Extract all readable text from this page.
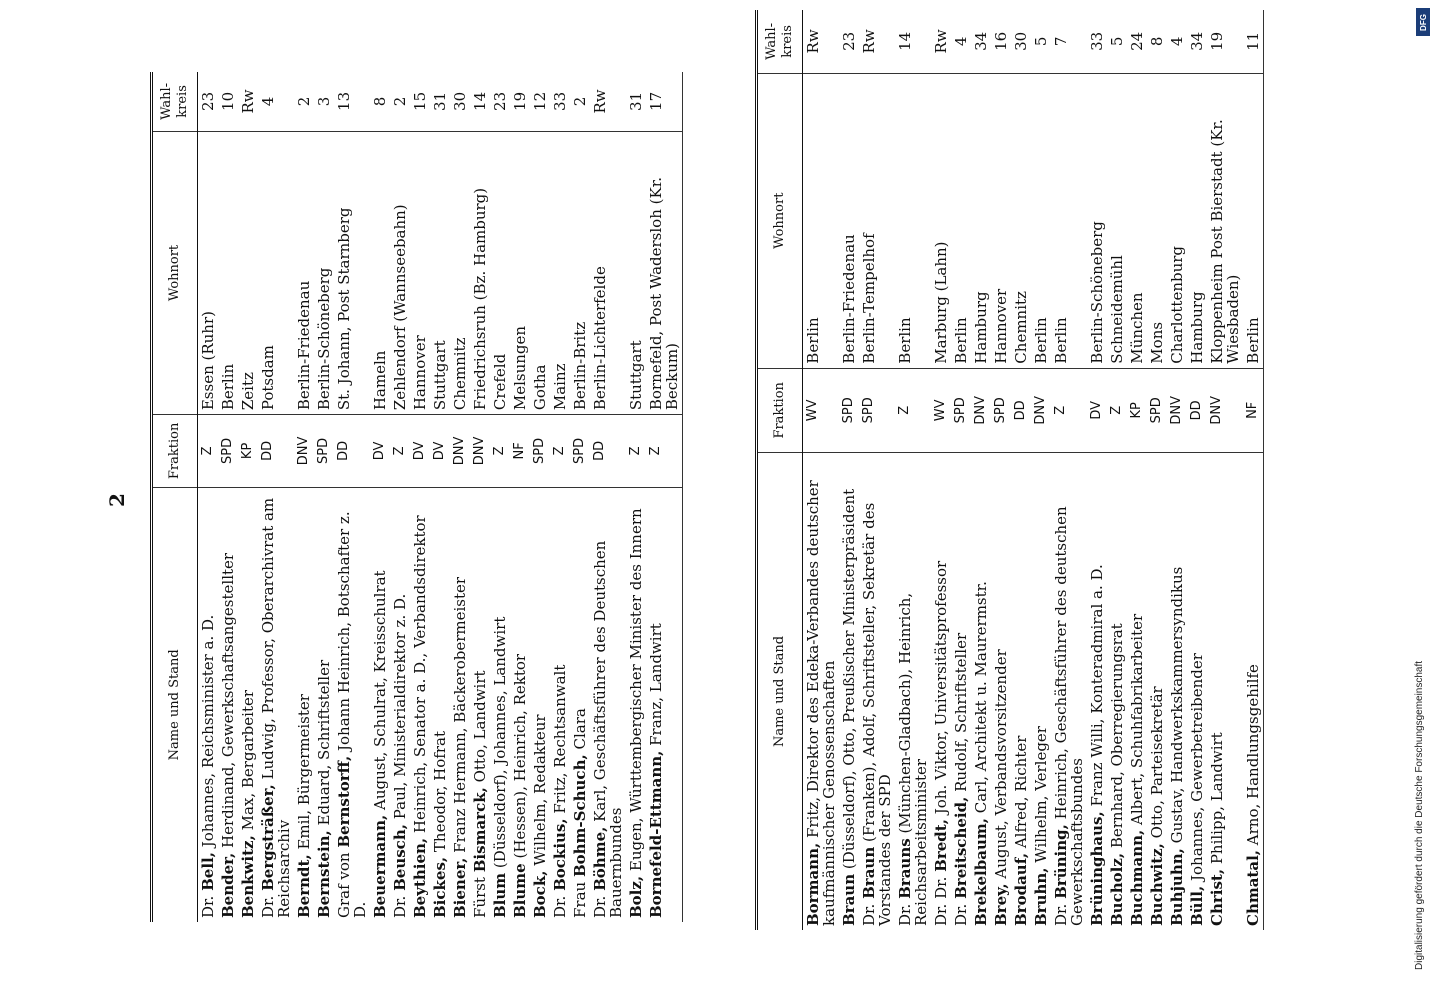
2
Name und Stand	Fraktion	Wohnort	Wahl-kreis
Dr. Bell, Johannes, Reichsminister a. D.	Z	Essen (Ruhr)	23
Bender, Herdinand, Gewerkschaftsangestellter	SPD	Berlin	10
Benkwitz, Max, Bergarbeiter	KP	Zeitz	Rw
Dr. Bergsträßer, Ludwig, Professor, Oberarchivrat am Reichsarchiv	DD	Potsdam	4
Berndt, Emil, Bürgermeister	DNV	Berlin-Friedenau	2
Bernstein, Eduard, Schriftsteller	SPD	Berlin-Schöneberg	3
Graf von Bernstorff, Johann Heinrich, Botschafter z. D.	DD	St. Johann, Post Starnberg	13
Beuermann, August, Schulrat, Kreisschulrat	DV	Hameln	8
Dr. Beusch, Paul, Ministerialdirektor z. D.	Z	Zehlendorf (Wannseebahn)	2
Beythien, Heinrich, Senator a. D., Verbandsdirektor	DV	Hannover	15
Bickes, Theodor, Hofrat	DV	Stuttgart	31
Biener, Franz Hermann, Bäckerobermeister	DNV	Chemnitz	30
Fürst Bismarck, Otto, Landwirt	DNV	Friedrichsruh (Bz. Hamburg)	14
Blum (Düsseldorf), Johannes, Landwirt	Z	Crefeld	23
Blume (Hessen), Heinrich, Rektor	NF	Melsungen	19
Bock, Wilhelm, Redakteur	SPD	Gotha	12
Dr. Bockius, Fritz, Rechtsanwalt	Z	Mainz	33
Frau Bohm-Schuch, Clara	SPD	Berlin-Britz	2
Dr. Böhme, Karl, Geschäftsführer des Deutschen Bauernbundes	DD	Berlin-Lichterfelde	Rw
Bolz, Eugen, Württembergischer Minister des Innern	Z	Stuttgart	31
Bornefeld-Ettmann, Franz, Landwirt	Z	Bornefeld, Post Wadersloh (Kr. Beckum)	17
Name und Stand	Fraktion	Wohnort	Wahl-kreis
Bormann, Fritz, Direktor des Edeka-Verbandes deutscher kaufmännischer Genossenschaften	WV	Berlin	Rw
Braun (Düsseldorf), Otto, Preußischer Ministerpräsident	SPD	Berlin-Friedenau	23
Dr. Braun (Franken), Adolf, Schriftsteller, Sekretär des Vorstandes der SPD	SPD	Berlin-Tempelhof	Rw
Dr. Brauns (München-Gladbach), Heinrich, Reichsarbeitsminister	Z	Berlin	14
Dr. Dr. Bredt, Joh. Viktor, Universitätsprofessor	WV	Marburg (Lahn)	Rw
Dr. Breitscheid, Rudolf, Schriftsteller	SPD	Berlin	4
Brekelbaum, Carl, Architekt u. Maurermstr.	DNV	Hamburg	34
Brey, August, Verbandsvorsitzender	SPD	Hannover	16
Brodauf, Alfred, Richter	DD	Chemnitz	30
Bruhn, Wilhelm, Verleger	DNV	Berlin	5
Dr. Brüning, Heinrich, Geschäftsführer des deutschen Gewerkschaftsbundes	Z	Berlin	7
Brüninghaus, Franz Willi, Konteradmiral a. D.	DV	Berlin-Schöneberg	33
Bucholz, Bernhard, Oberregierungsrat	Z	Schneidemühl	5
Buchmann, Albert, Schuhfabrikarbeiter	KP	München	24
Buchwitz, Otto, Parteisekretär	SPD	Mons	8
Buhjuhn, Gustav, Handwerkskammersyndikus	DNV	Charlottenburg	4
Büll, Johannes, Gewerbetreibender	DD	Hamburg	34
Christ, Philipp, Landwirt	DNV	Kloppenheim Post Bierstadt (Kr. Wiesbaden)	19
Chmatal, Arno, Handlungsgehilfe	NF	Berlin	11
DFG
Digitalisierung gefördert durch die Deutsche Forschungsgemeinschaft
